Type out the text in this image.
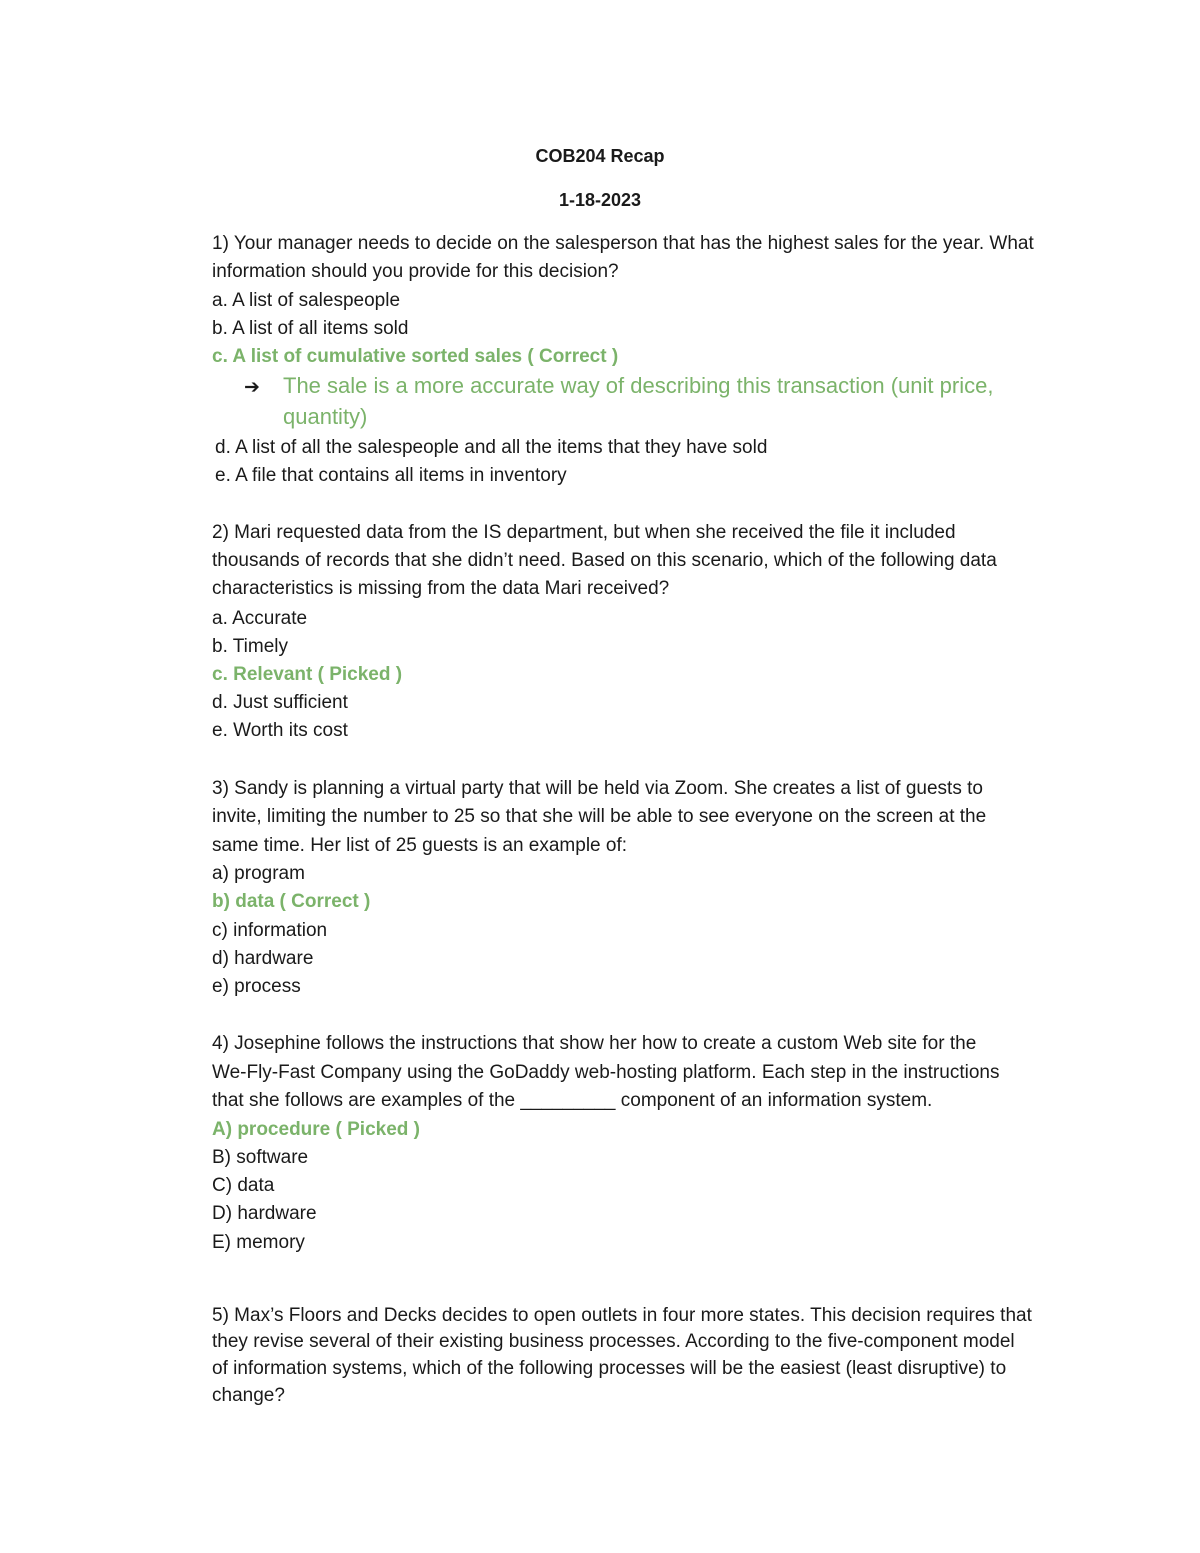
COB204 Recap
1-18-2023
1) Your manager needs to decide on the salesperson that has the highest sales for the year. What
information should you provide for this decision?
a. A list of salespeople
b. A list of all items sold
c. A list of cumulative sorted sales ( Correct )
➔ The sale is a more accurate way of describing this transaction (unit price,
quantity)
d. A list of all the salespeople and all the items that they have sold
e. A file that contains all items in inventory
2) Mari requested data from the IS department, but when she received the file it included
thousands of records that she didn’t need. Based on this scenario, which of the following data
characteristics is missing from the data Mari received?
a. Accurate
b. Timely
c. Relevant ( Picked )
d. Just sufficient
e. Worth its cost
3) Sandy is planning a virtual party that will be held via Zoom. She creates a list of guests to
invite, limiting the number to 25 so that she will be able to see everyone on the screen at the
same time. Her list of 25 guests is an example of:
a) program
b) data ( Correct )
c) information
d) hardware
e) process
4) Josephine follows the instructions that show her how to create a custom Web site for the
We-Fly-Fast Company using the GoDaddy web-hosting platform. Each step in the instructions
that she follows are examples of the _________ component of an information system.
A) procedure ( Picked )
B) software
C) data
D) hardware
E) memory
5) Max’s Floors and Decks decides to open outlets in four more states. This decision requires that
they revise several of their existing business processes. According to the five-component model
of information systems, which of the following processes will be the easiest (least disruptive) to
change?
